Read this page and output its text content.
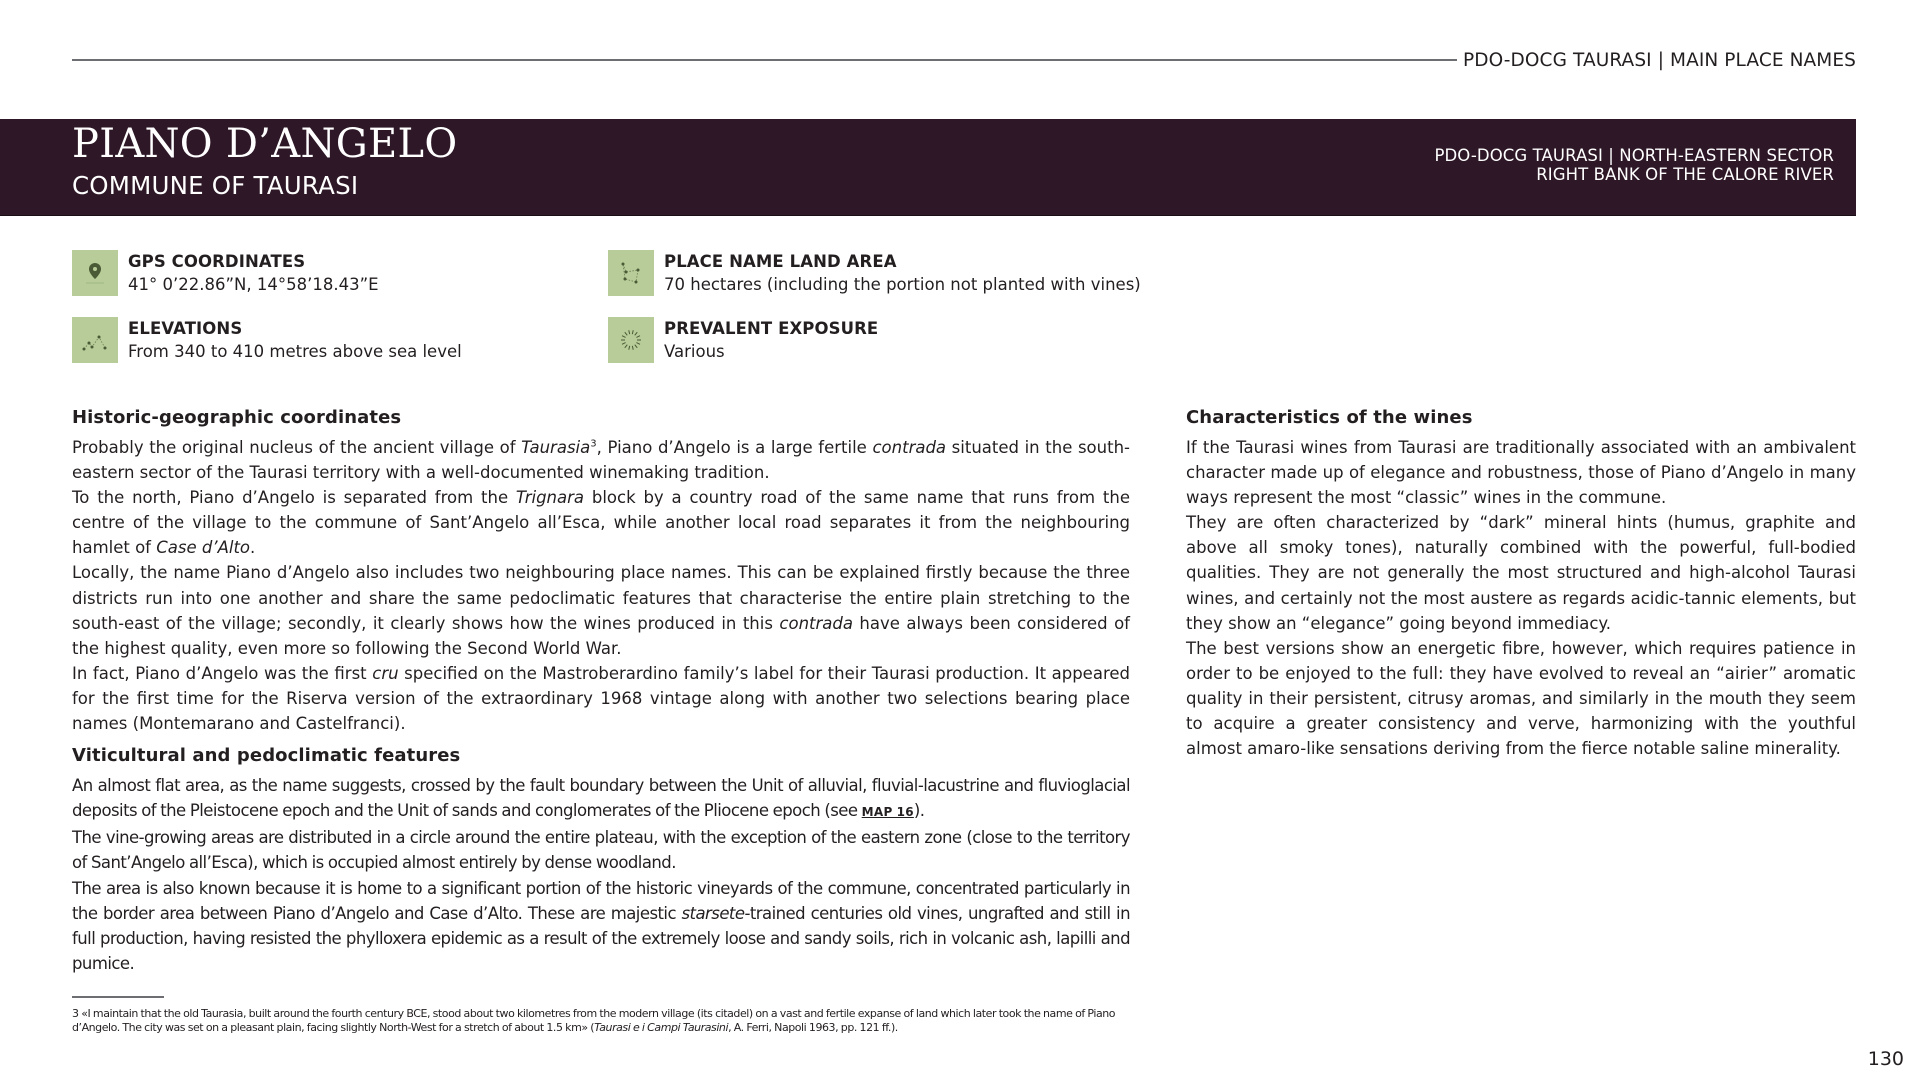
PDO-DOCG TAURASI | MAIN PLACE NAMES
PIANO D’ANGELO
COMMUNE OF TAURASI
PDO-DOCG TAURASI | NORTH-EASTERN SECTOR
RIGHT BANK OF THE CALORE RIVER
GPS COORDINATES
41° 0’22.86”N, 14°58’18.43”E
PLACE NAME LAND AREA
70 hectares (including the portion not planted with vines)
ELEVATIONS
From 340 to 410 metres above sea level
PREVALENT EXPOSURE
Various
Historic-geographic coordinates

Probably the original nucleus of the ancient village of Taurasia$^3$, Piano d’Angelo is a large fertile contrada situated in the south-eastern sector of the Taurasi territory with a well-documented winemaking tradition.

To the north, Piano d’Angelo is separated from the Trignara block by a country road of the same name that runs from the centre of the village to the commune of Sant’Angelo all’Esca, while another local road separates it from the neighbouring hamlet of Case d’Alto.

Locally, the name Piano d’Angelo also includes two neighbouring place names. This can be explained firstly because the three districts run into one another and share the same pedoclimatic features that characterise the entire plain stretching to the south-east of the village; secondly, it clearly shows how the wines produced in this contrada have always been considered of the highest quality, even more so following the Second World War.

In fact, Piano d’Angelo was the first cru specified on the Mastroberardino family’s label for their Taurasi production. It appeared for the first time for the Riserva version of the extraordinary 1968 vintage along with another two selections bearing place names (Montemarano and Castelfranci).

Viticultural and pedoclimatic features

An almost flat area, as the name suggests, crossed by the fault boundary between the Unit of alluvial, fluvial-lacustrine and fluvioglacial deposits of the Pleistocene epoch and the Unit of sands and conglomerates of the Pliocene epoch (see MAP 16).

The vine-growing areas are distributed in a circle around the entire plateau, with the exception of the eastern zone (close to the territory of Sant’Angelo all’Esca), which is occupied almost entirely by dense woodland.

The area is also known because it is home to a significant portion of the historic vineyards of the commune, concentrated particularly in the border area between Piano d’Angelo and Case d’Alto. These are majestic starsete-trained centuries old vines, ungrafted and still in full production, having resisted the phylloxera epidemic as a result of the extremely loose and sandy soils, rich in volcanic ash, lapilli and pumice.

Characteristics of the wines

If the Taurasi wines from Taurasi are traditionally associated with an ambivalent character made up of elegance and robustness, those of Piano d’Angelo in many ways represent the most “classic” wines in the commune.

They are often characterized by “dark” mineral hints (humus, graphite and above all smoky tones), naturally combined with the powerful, full-bodied qualities. They are not generally the most structured and high-alcohol Taurasi wines, and certainly not the most austere as regards acidic-tannic elements, but they show an “elegance” going beyond immediacy.

The best versions show an energetic fibre, however, which requires patience in order to be enjoyed to the full: they have evolved to reveal an “airier” aromatic quality in their persistent, citrusy aromas, and similarly in the mouth they seem to acquire a greater consistency and verve, harmonizing with the youthful almost amaro-like sensations deriving from the fierce notable saline minerality.

3 «I maintain that the old Taurasia, built around the fourth century BCE, stood about two kilometres from the modern village (its citadel) on a vast and fertile expanse of land which later took the name of Piano d’Angelo. The city was set on a pleasant plain, facing slightly North-West for a stretch of about 1.5 km» (Taurasi e i Campi Taurasini, A. Ferri, Napoli 1963, pp. 121 ff.).
130
